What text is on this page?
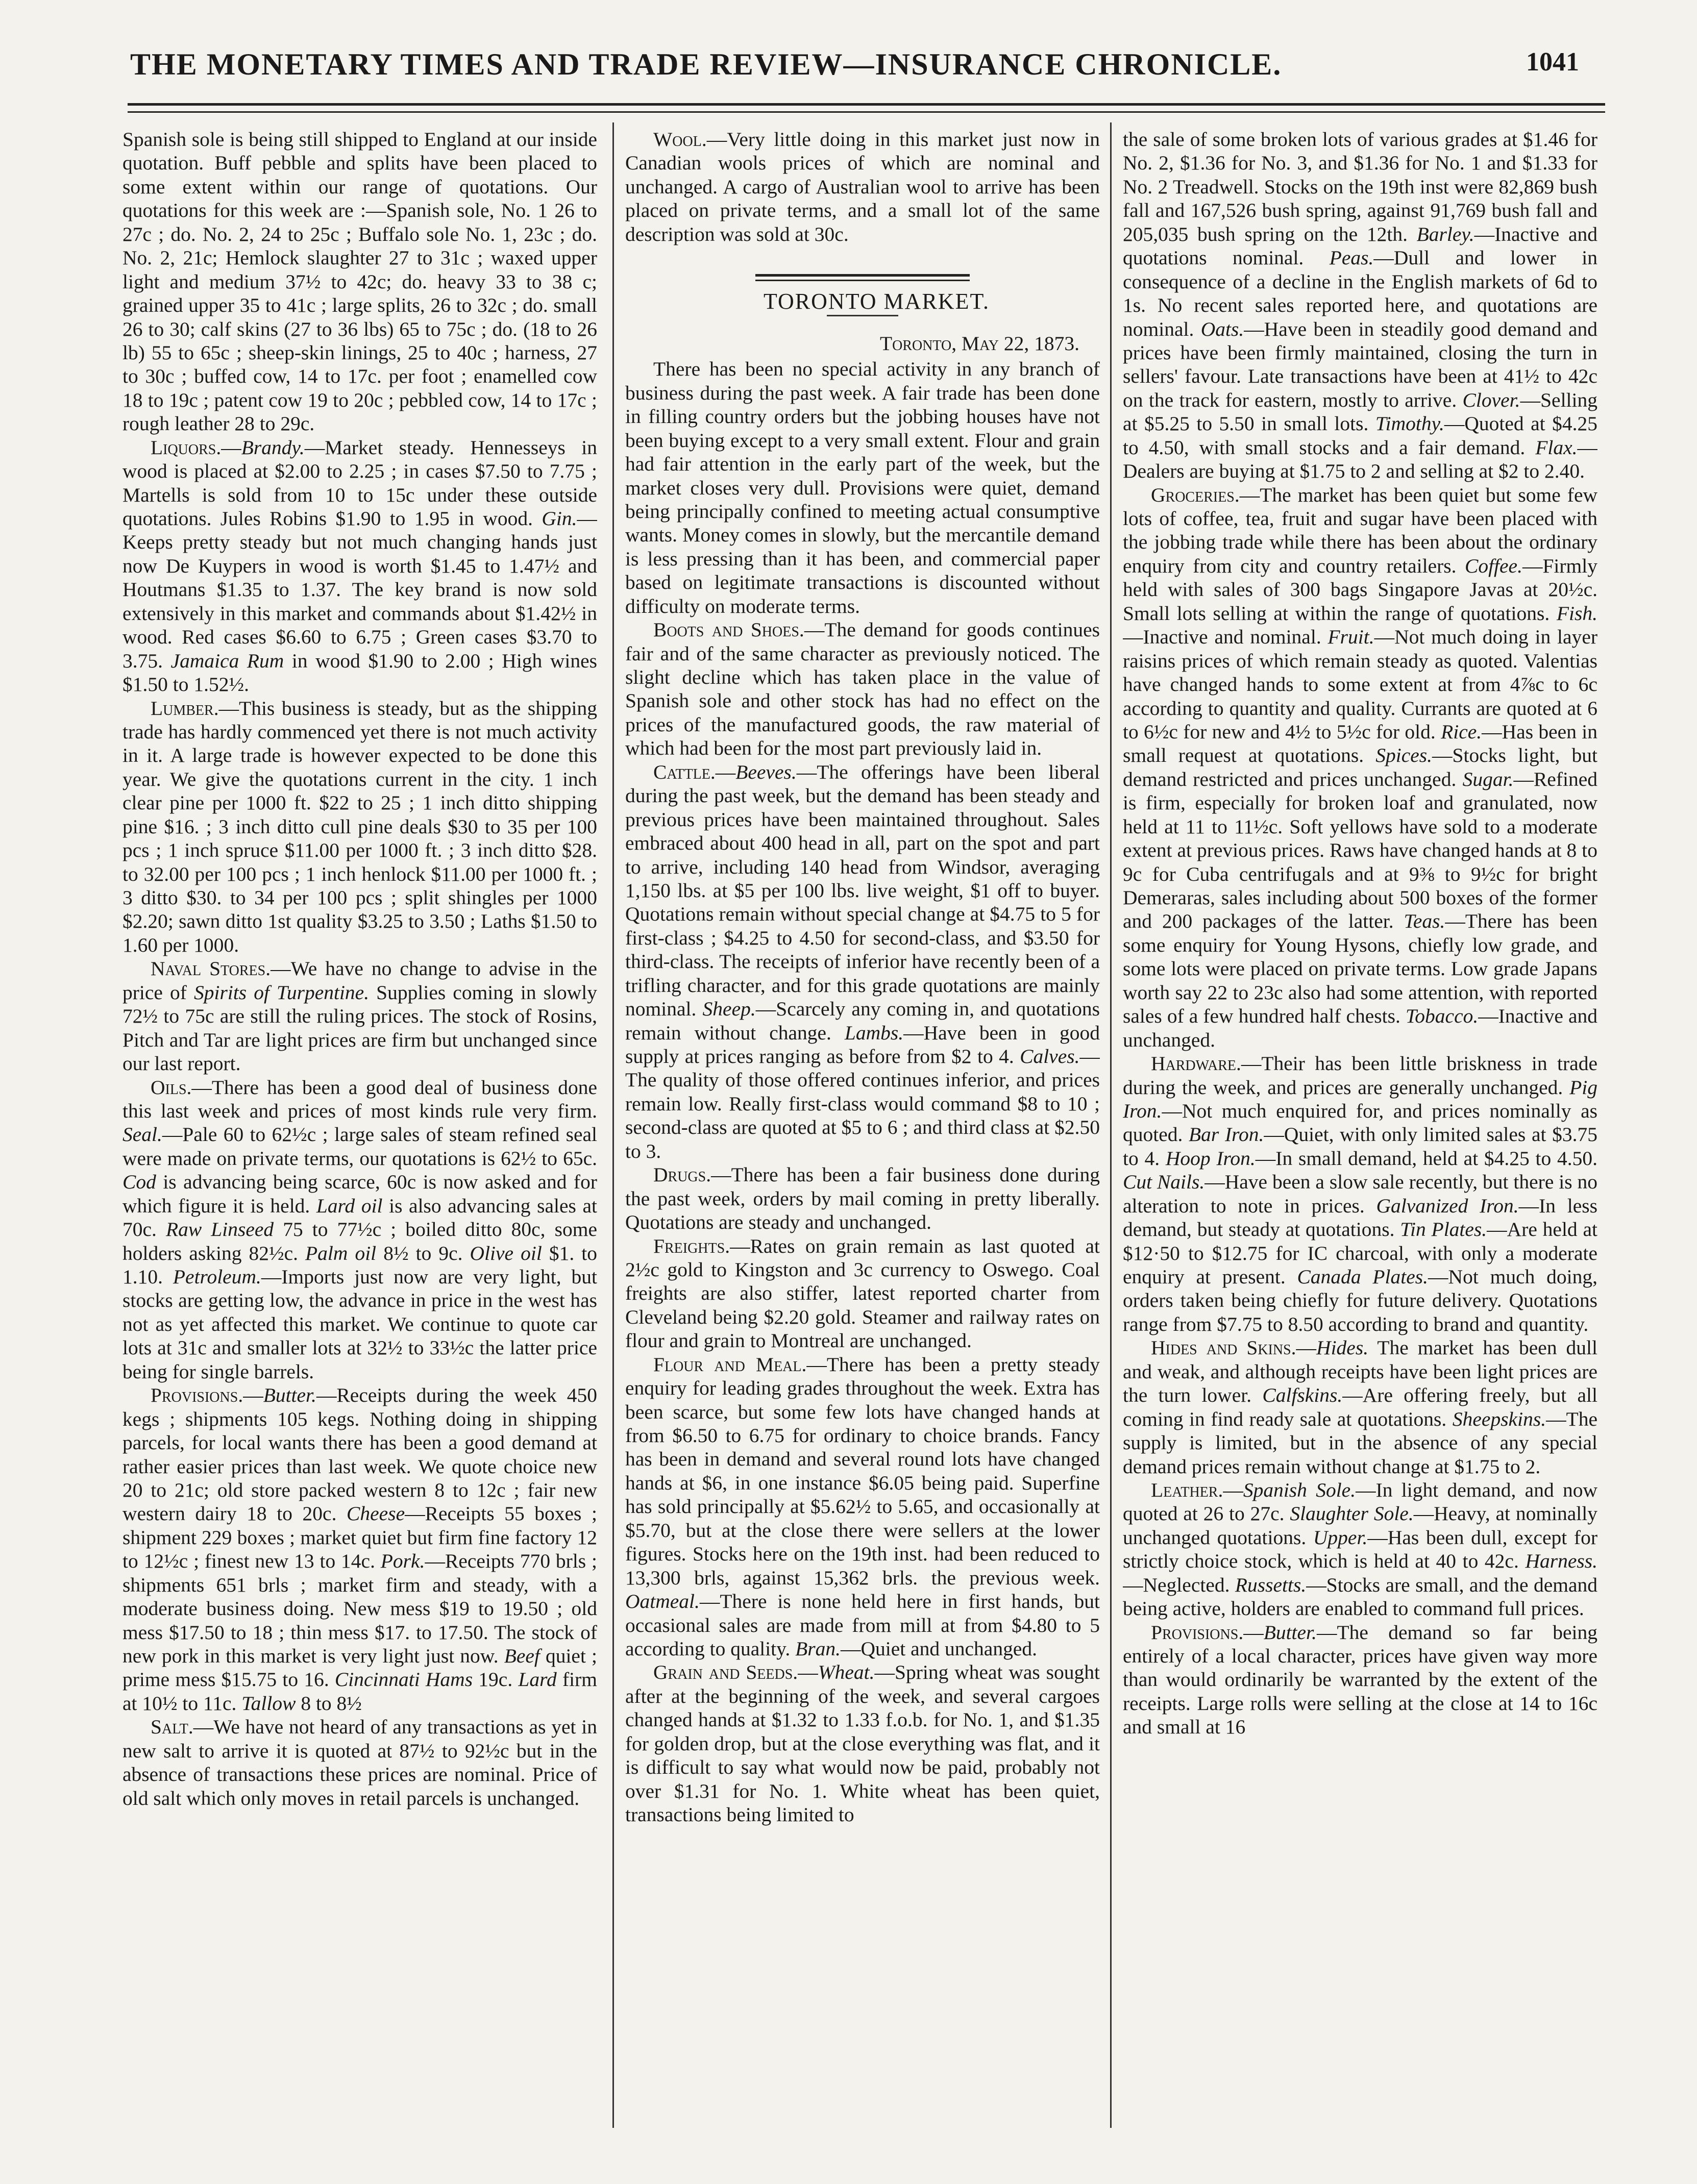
THE MONETARY TIMES AND TRADE REVIEW—INSURANCE CHRONICLE.	1041

Spanish sole is being still shipped to England at our inside quotation. Buff pebble and splits have been placed to some extent within our range of quotations. Our quotations for this week are :—Spanish sole, No. 1 26 to 27c ; do. No. 2, 24 to 25c ; Buffalo sole No. 1, 23c ; do. No. 2, 21c; Hemlock slaughter 27 to 31c ; waxed upper light and medium 37½ to 42c; do. heavy 33 to 38 c; grained upper 35 to 41c ; large splits, 26 to 32c ; do. small 26 to 30; calf skins (27 to 36 lbs) 65 to 75c ; do. (18 to 26 lb) 55 to 65c ; sheep-skin linings, 25 to 40c ; harness, 27 to 30c ; buffed cow, 14 to 17c. per foot ; enamelled cow 18 to 19c ; patent cow 19 to 20c ; pebbled cow, 14 to 17c ; rough leather 28 to 29c.

Liquors.—Brandy.—Market steady. Hennesseys in wood is placed at $2.00 to 2.25 ; in cases $7.50 to 7.75 ; Martells is sold from 10 to 15c under these outside quotations. Jules Robins $1.90 to 1.95 in wood. Gin.—Keeps pretty steady but not much changing hands just now De Kuypers in wood is worth $1.45 to 1.47½ and Houtmans $1.35 to 1.37. The key brand is now sold extensively in this market and commands about $1.42½ in wood. Red cases $6.60 to 6.75 ; Green cases $3.70 to 3.75. Jamaica Rum in wood $1.90 to 2.00 ; High wines $1.50 to 1.52½.

Lumber.—This business is steady, but as the shipping trade has hardly commenced yet there is not much activity in it. A large trade is however expected to be done this year. We give the quotations current in the city. 1 inch clear pine per 1000 ft. $22 to 25 ; 1 inch ditto shipping pine $16. ; 3 inch ditto cull pine deals $30 to 35 per 100 pcs ; 1 inch spruce $11.00 per 1000 ft. ; 3 inch ditto $28. to 32.00 per 100 pcs ; 1 inch henlock $11.00 per 1000 ft. ; 3 ditto $30. to 34 per 100 pcs ; split shingles per 1000 $2.20; sawn ditto 1st quality $3.25 to 3.50 ; Laths $1.50 to 1.60 per 1000.

Naval Stores.—We have no change to advise in the price of Spirits of Turpentine. Supplies coming in slowly 72½ to 75c are still the ruling prices. The stock of Rosins, Pitch and Tar are light prices are firm but unchanged since our last report.

Oils.—There has been a good deal of business done this last week and prices of most kinds rule very firm. Seal.—Pale 60 to 62½c ; large sales of steam refined seal were made on private terms, our quotations is 62½ to 65c. Cod is advancing being scarce, 60c is now asked and for which figure it is held. Lard oil is also advancing sales at 70c. Raw Linseed 75 to 77½c ; boiled ditto 80c, some holders asking 82½c. Palm oil 8½ to 9c. Olive oil $1. to 1.10. Petroleum.—Imports just now are very light, but stocks are getting low, the advance in price in the west has not as yet affected this market. We continue to quote car lots at 31c and smaller lots at 32½ to 33½c the latter price being for single barrels.

Provisions.—Butter.—Receipts during the week 450 kegs ; shipments 105 kegs. Nothing doing in shipping parcels, for local wants there has been a good demand at rather easier prices than last week. We quote choice new 20 to 21c; old store packed western 8 to 12c ; fair new western dairy 18 to 20c. Cheese—Receipts 55 boxes ; shipment 229 boxes ; market quiet but firm fine factory 12 to 12½c ; finest new 13 to 14c. Pork.—Receipts 770 brls ; shipments 651 brls ; market firm and steady, with a moderate business doing. New mess $19 to 19.50 ; old mess $17.50 to 18 ; thin mess $17. to 17.50. The stock of new pork in this market is very light just now. Beef quiet ; prime mess $15.75 to 16. Cincinnati Hams 19c. Lard firm at 10½ to 11c. Tallow 8 to 8½

Salt.—We have not heard of any transactions as yet in new salt to arrive it is quoted at 87½ to 92½c but in the absence of transactions these prices are nominal. Price of old salt which only moves in retail parcels is unchanged.

Wool.—Very little doing in this market just now in Canadian wools prices of which are nominal and unchanged. A cargo of Australian wool to arrive has been placed on private terms, and a small lot of the same description was sold at 30c.

TORONTO MARKET.

Toronto, May 22, 1873.

There has been no special activity in any branch of business during the past week. A fair trade has been done in filling country orders but the jobbing houses have not been buying except to a very small extent. Flour and grain had fair attention in the early part of the week, but the market closes very dull. Provisions were quiet, demand being principally confined to meeting actual consumptive wants. Money comes in slowly, but the mercantile demand is less pressing than it has been, and commercial paper based on legitimate transactions is discounted without difficulty on moderate terms.

Boots and Shoes.—The demand for goods continues fair and of the same character as previously noticed. The slight decline which has taken place in the value of Spanish sole and other stock has had no effect on the prices of the manufactured goods, the raw material of which had been for the most part previously laid in.

Cattle.—Beeves.—The offerings have been liberal during the past week, but the demand has been steady and previous prices have been maintained throughout. Sales embraced about 400 head in all, part on the spot and part to arrive, including 140 head from Windsor, averaging 1,150 lbs. at $5 per 100 lbs. live weight, $1 off to buyer. Quotations remain without special change at $4.75 to 5 for first-class ; $4.25 to 4.50 for second-class, and $3.50 for third-class. The receipts of inferior have recently been of a trifling character, and for this grade quotations are mainly nominal. Sheep.—Scarcely any coming in, and quotations remain without change. Lambs.—Have been in good supply at prices ranging as before from $2 to 4. Calves.—The quality of those offered continues inferior, and prices remain low. Really first-class would command $8 to 10 ; second-class are quoted at $5 to 6 ; and third class at $2.50 to 3.

Drugs.—There has been a fair business done during the past week, orders by mail coming in pretty liberally. Quotations are steady and unchanged.

Freights.—Rates on grain remain as last quoted at 2½c gold to Kingston and 3c currency to Oswego. Coal freights are also stiffer, latest reported charter from Cleveland being $2.20 gold. Steamer and railway rates on flour and grain to Montreal are unchanged.

Flour and Meal.—There has been a pretty steady enquiry for leading grades throughout the week. Extra has been scarce, but some few lots have changed hands at from $6.50 to 6.75 for ordinary to choice brands. Fancy has been in demand and several round lots have changed hands at $6, in one instance $6.05 being paid. Superfine has sold principally at $5.62½ to 5.65, and occasionally at $5.70, but at the close there were sellers at the lower figures. Stocks here on the 19th inst. had been reduced to 13,300 brls, against 15,362 brls. the previous week. Oatmeal.—There is none held here in first hands, but occasional sales are made from mill at from $4.80 to 5 according to quality. Bran.—Quiet and unchanged.

Grain and Seeds.—Wheat.—Spring wheat was sought after at the beginning of the week, and several cargoes changed hands at $1.32 to 1.33 f.o.b. for No. 1, and $1.35 for golden drop, but at the close everything was flat, and it is difficult to say what would now be paid, probably not over $1.31 for No. 1. White wheat has been quiet, transactions being limited to

the sale of some broken lots of various grades at $1.46 for No. 2, $1.36 for No. 3, and $1.36 for No. 1 and $1.33 for No. 2 Treadwell. Stocks on the 19th inst were 82,869 bush fall and 167,526 bush spring, against 91,769 bush fall and 205,035 bush spring on the 12th. Barley.—Inactive and quotations nominal. Peas.—Dull and lower in consequence of a decline in the English markets of 6d to 1s. No recent sales reported here, and quotations are nominal. Oats.—Have been in steadily good demand and prices have been firmly maintained, closing the turn in sellers' favour. Late transactions have been at 41½ to 42c on the track for eastern, mostly to arrive. Clover.—Selling at $5.25 to 5.50 in small lots. Timothy.—Quoted at $4.25 to 4.50, with small stocks and a fair demand. Flax.—Dealers are buying at $1.75 to 2 and selling at $2 to 2.40.

Groceries.—The market has been quiet but some few lots of coffee, tea, fruit and sugar have been placed with the jobbing trade while there has been about the ordinary enquiry from city and country retailers. Coffee.—Firmly held with sales of 300 bags Singapore Javas at 20½c. Small lots selling at within the range of quotations. Fish.—Inactive and nominal. Fruit.—Not much doing in layer raisins prices of which remain steady as quoted. Valentias have changed hands to some extent at from 4⅞c to 6c according to quantity and quality. Currants are quoted at 6 to 6½c for new and 4½ to 5½c for old. Rice.—Has been in small request at quotations. Spices.—Stocks light, but demand restricted and prices unchanged. Sugar.—Refined is firm, especially for broken loaf and granulated, now held at 11 to 11½c. Soft yellows have sold to a moderate extent at previous prices. Raws have changed hands at 8 to 9c for Cuba centrifugals and at 9⅜ to 9½c for bright Demeraras, sales including about 500 boxes of the former and 200 packages of the latter. Teas.—There has been some enquiry for Young Hysons, chiefly low grade, and some lots were placed on private terms. Low grade Japans worth say 22 to 23c also had some attention, with reported sales of a few hundred half chests. Tobacco.—Inactive and unchanged.

Hardware.—Their has been little briskness in trade during the week, and prices are generally unchanged. Pig Iron.—Not much enquired for, and prices nominally as quoted. Bar Iron.—Quiet, with only limited sales at $3.75 to 4. Hoop Iron.—In small demand, held at $4.25 to 4.50. Cut Nails.—Have been a slow sale recently, but there is no alteration to note in prices. Galvanized Iron.—In less demand, but steady at quotations. Tin Plates.—Are held at $12·50 to $12.75 for IC charcoal, with only a moderate enquiry at present. Canada Plates.—Not much doing, orders taken being chiefly for future delivery. Quotations range from $7.75 to 8.50 according to brand and quantity.

Hides and Skins.—Hides. The market has been dull and weak, and although receipts have been light prices are the turn lower. Calfskins.—Are offering freely, but all coming in find ready sale at quotations. Sheepskins.—The supply is limited, but in the absence of any special demand prices remain without change at $1.75 to 2.

Leather.—Spanish Sole.—In light demand, and now quoted at 26 to 27c. Slaughter Sole.—Heavy, at nominally unchanged quotations. Upper.—Has been dull, except for strictly choice stock, which is held at 40 to 42c. Harness.—Neglected. Russetts.—Stocks are small, and the demand being active, holders are enabled to command full prices.

Provisions.—Butter.—The demand so far being entirely of a local character, prices have given way more than would ordinarily be warranted by the extent of the receipts. Large rolls were selling at the close at 14 to 16c and small at 16
